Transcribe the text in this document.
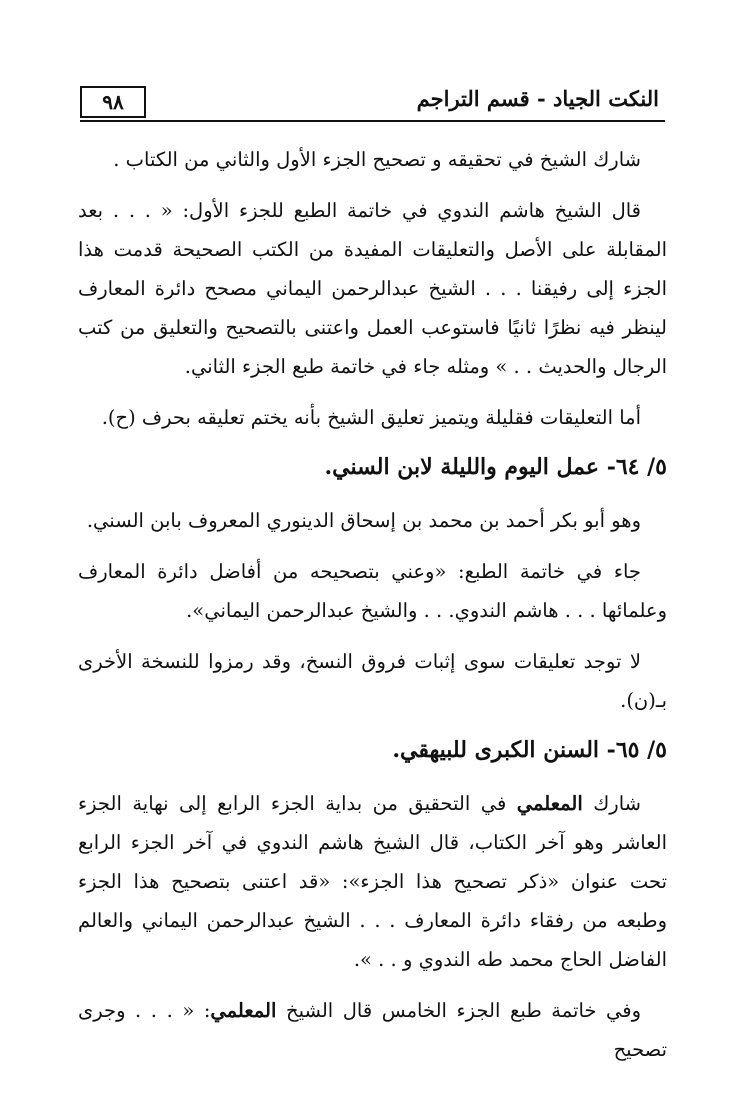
النكت الجياد - قسم التراجم
٩٨

شارك الشيخ في تحقيقه و تصحيح الجزء الأول والثاني من الكتاب .

قال الشيخ هاشم الندوي في خاتمة الطبع للجزء الأول: « . . . بعد المقابلة على الأصل والتعليقات المفيدة من الكتب الصحيحة قدمت هذا الجزء إلى رفيقنا . . . الشيخ عبدالرحمن اليماني مصحح دائرة المعارف لينظر فيه نظرًا ثانيًا فاستوعب العمل واعتنى بالتصحيح والتعليق من كتب الرجال والحديث . . » ومثله جاء في خاتمة طبع الجزء الثاني.

أما التعليقات فقليلة ويتميز تعليق الشيخ بأنه يختم تعليقه بحرف (ح).

٥/ ٦٤- عمل اليوم والليلة لابن السني.

وهو أبو بكر أحمد بن محمد بن إسحاق الدينوري المعروف بابن السني.

جاء في خاتمة الطبع: «وعني بتصحيحه من أفاضل دائرة المعارف وعلمائها . . . هاشم الندوي. . . والشيخ عبدالرحمن اليماني».

لا توجد تعليقات سوى إثبات فروق النسخ، وقد رمزوا للنسخة الأخرى بـ(ن).

٥/ ٦٥- السنن الكبرى للبيهقي.

شارك المعلمي في التحقيق من بداية الجزء الرابع إلى نهاية الجزء العاشر وهو آخر الكتاب، قال الشيخ هاشم الندوي في آخر الجزء الرابع تحت عنوان «ذكر تصحيح هذا الجزء»: «قد اعتنى بتصحيح هذا الجزء وطبعه من رفقاء دائرة المعارف . . . الشيخ عبدالرحمن اليماني والعالم الفاضل الحاج محمد طه الندوي و . . ».

وفي خاتمة طبع الجزء الخامس قال الشيخ المعلمي: « . . . وجرى تصحيح
